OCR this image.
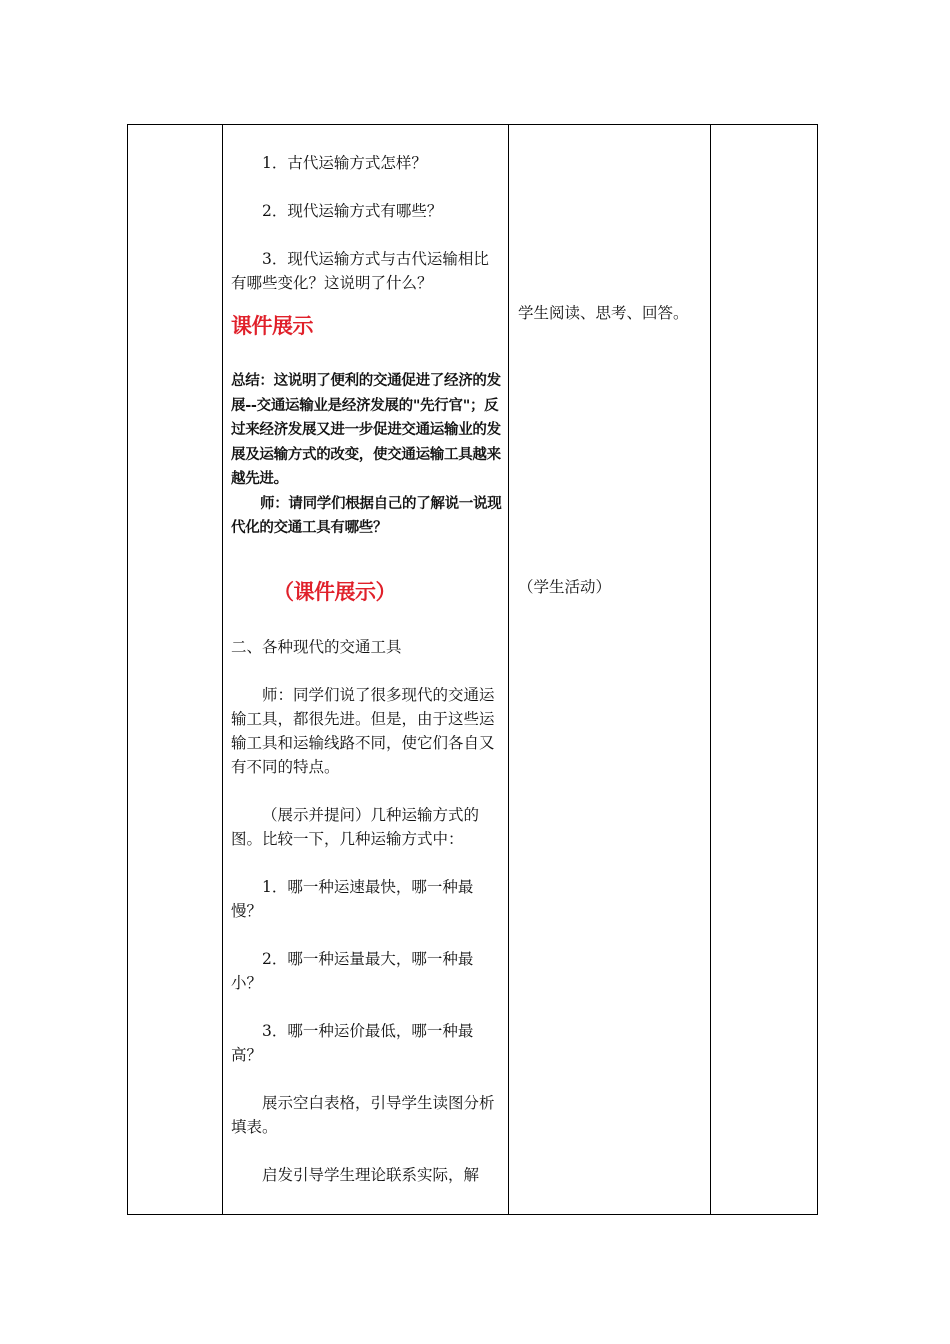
1．古代运输方式怎样？

2．现代运输方式有哪些？

3．现代运输方式与古代运输相比有哪些变化？这说明了什么？

课件展示

总结：这说明了便利的交通促进了经济的发展--交通运输业是经济发展的"先行官"；反过来经济发展又进一步促进交通运输业的发展及运输方式的改变，使交通运输工具越来越先进。

师：请同学们根据自己的了解说一说现代化的交通工具有哪些？

（课件展示）

二、各种现代的交通工具

师：同学们说了很多现代的交通运输工具，都很先进。但是，由于这些运输工具和运输线路不同，使它们各自又有不同的特点。

（展示并提问）几种运输方式的图。比较一下，几种运输方式中：

1．哪一种运速最快，哪一种最慢？

2．哪一种运量最大，哪一种最小？

3．哪一种运价最低，哪一种最高？

展示空白表格，引导学生读图分析填表。

启发引导学生理论联系实际，解

学生阅读、思考、回答。
（学生活动）
